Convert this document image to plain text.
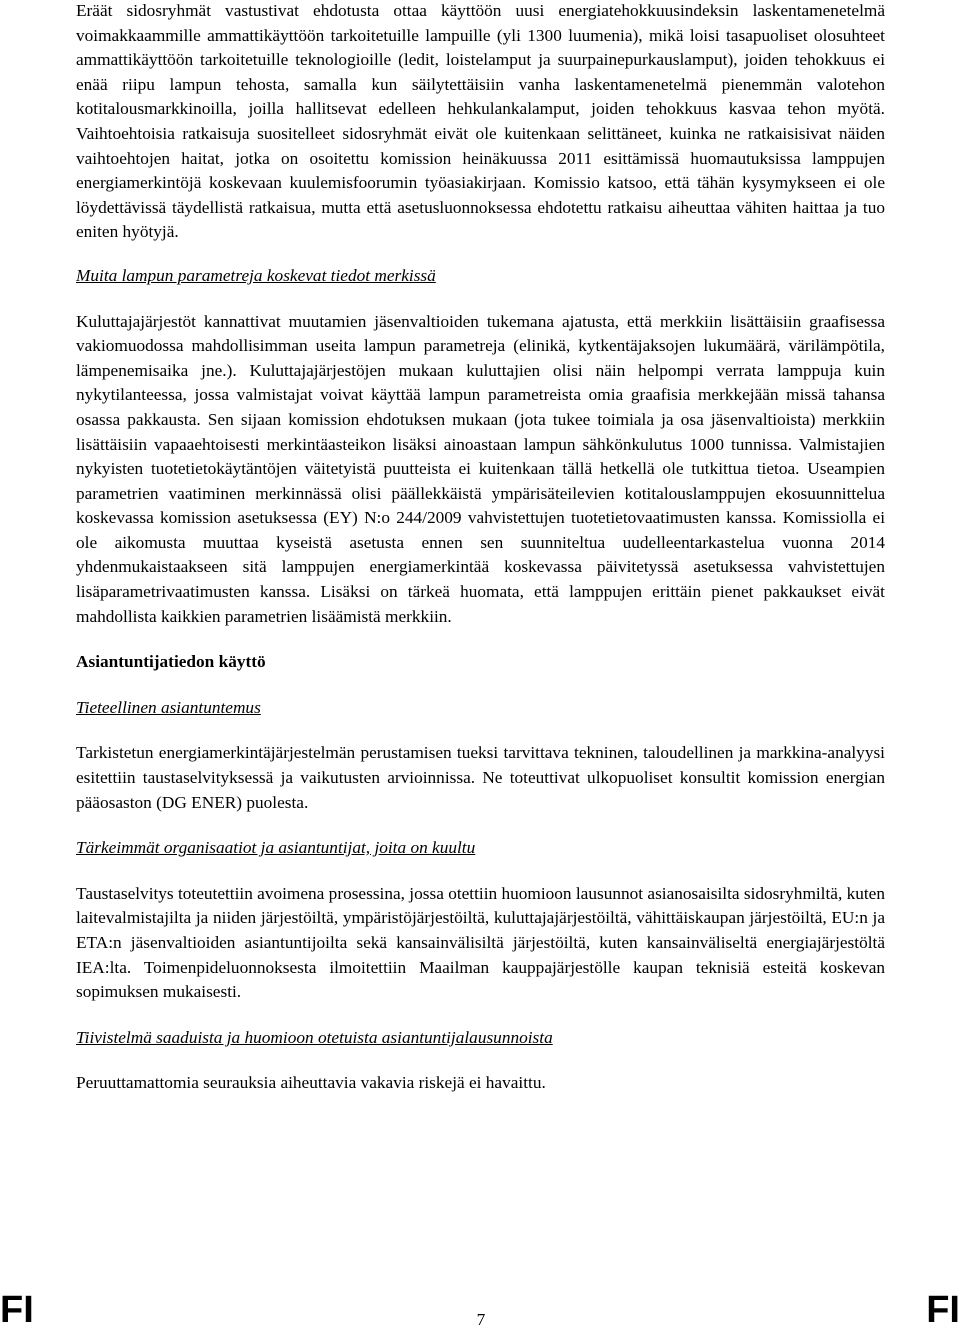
Eräät sidosryhmät vastustivat ehdotusta ottaa käyttöön uusi energiatehokkuusindeksin laskentamenetelmä voimakkaammille ammattikäyttöön tarkoitetuille lampuille (yli 1300 luumenia), mikä loisi tasapuoliset olosuhteet ammattikäyttöön tarkoitetuille teknologioille (ledit, loistelamput ja suurpainepurkauslamput), joiden tehokkuus ei enää riipu lampun tehosta, samalla kun säilytettäisiin vanha laskentamenetelmä pienemmän valotehon kotitalousmarkkinoilla, joilla hallitsevat edelleen hehkulankalamput, joiden tehokkuus kasvaa tehon myötä. Vaihtoehtoisia ratkaisuja suositelleet sidosryhmät eivät ole kuitenkaan selittäneet, kuinka ne ratkaisisivat näiden vaihtoehtojen haitat, jotka on osoitettu komission heinäkuussa 2011 esittämissä huomautuksissa lamppujen energiamerkintöjä koskevaan kuulemisfoorumin työasiakirjaan. Komissio katsoo, että tähän kysymykseen ei ole löydettävissä täydellistä ratkaisua, mutta että asetusluonnoksessa ehdotettu ratkaisu aiheuttaa vähiten haittaa ja tuo eniten hyötyjä.

Muita lampun parametreja koskevat tiedot merkissä

Kuluttajajärjestöt kannattivat muutamien jäsenvaltioiden tukemana ajatusta, että merkkiin lisättäisiin graafisessa vakiomuodossa mahdollisimman useita lampun parametreja (elinikä, kytkentäjaksojen lukumäärä, värilämpötila, lämpenemisaika jne.). Kuluttajajärjestöjen mukaan kuluttajien olisi näin helpompi verrata lamppuja kuin nykytilanteessa, jossa valmistajat voivat käyttää lampun parametreista omia graafisia merkkejään missä tahansa osassa pakkausta. Sen sijaan komission ehdotuksen mukaan (jota tukee toimiala ja osa jäsenvaltioista) merkkiin lisättäisiin vapaaehtoisesti merkintäasteikon lisäksi ainoastaan lampun sähkönkulutus 1000 tunnissa. Valmistajien nykyisten tuotetietokäytäntöjen väitetyistä puutteista ei kuitenkaan tällä hetkellä ole tutkittua tietoa. Useampien parametrien vaatiminen merkinnässä olisi päällekkäistä ympärisäteilevien kotitalouslamppujen ekosuunnittelua koskevassa komission asetuksessa (EY) N:o 244/2009 vahvistettujen tuotetietovaatimusten kanssa. Komissiolla ei ole aikomusta muuttaa kyseistä asetusta ennen sen suunniteltua uudelleentarkastelua vuonna 2014 yhdenmukaistaakseen sitä lamppujen energiamerkintää koskevassa päivitetyssä asetuksessa vahvistettujen lisäparametrivaatimusten kanssa. Lisäksi on tärkeä huomata, että lamppujen erittäin pienet pakkaukset eivät mahdollista kaikkien parametrien lisäämistä merkkiin.

Asiantuntijatiedon käyttö

Tieteellinen asiantuntemus

Tarkistetun energiamerkintäjärjestelmän perustamisen tueksi tarvittava tekninen, taloudellinen ja markkina-analyysi esitettiin taustaselvityksessä ja vaikutusten arvioinnissa. Ne toteuttivat ulkopuoliset konsultit komission energian pääosaston (DG ENER) puolesta.

Tärkeimmät organisaatiot ja asiantuntijat, joita on kuultu

Taustaselvitys toteutettiin avoimena prosessina, jossa otettiin huomioon lausunnot asianosaisilta sidosryhmiltä, kuten laitevalmistajilta ja niiden järjestöiltä, ympäristöjärjestöiltä, kuluttajajärjestöiltä, vähittäiskaupan järjestöiltä, EU:n ja ETA:n jäsenvaltioiden asiantuntijoilta sekä kansainvälisiltä järjestöiltä, kuten kansainväliseltä energiajärjestöltä IEA:lta. Toimenpideluonnoksesta ilmoitettiin Maailman kauppajärjestölle kaupan teknisiä esteitä koskevan sopimuksen mukaisesti.

Tiivistelmä saaduista ja huomioon otetuista asiantuntijalausunnoista

Peruuttamattomia seurauksia aiheuttavia vakavia riskejä ei havaittu.

FI	7	FI
